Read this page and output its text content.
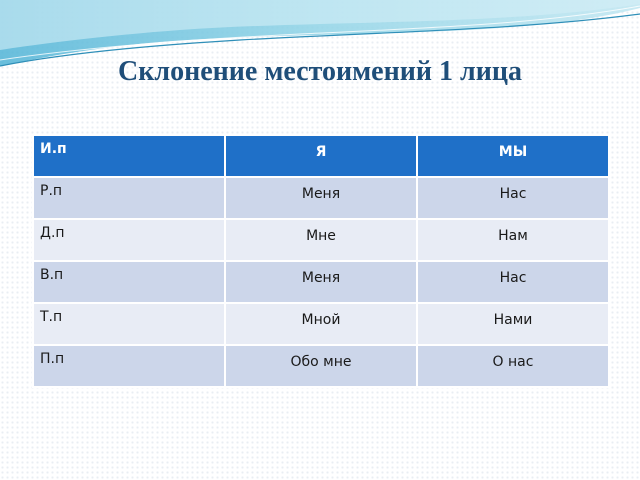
Склонение местоимений 1 лица
И.п	Я	МЫ
Р.п	Меня	Нас
Д.п	Мне	Нам
В.п	Меня	Нас
Т.п	Мной	Нами
П.п	Обо мне	О нас
